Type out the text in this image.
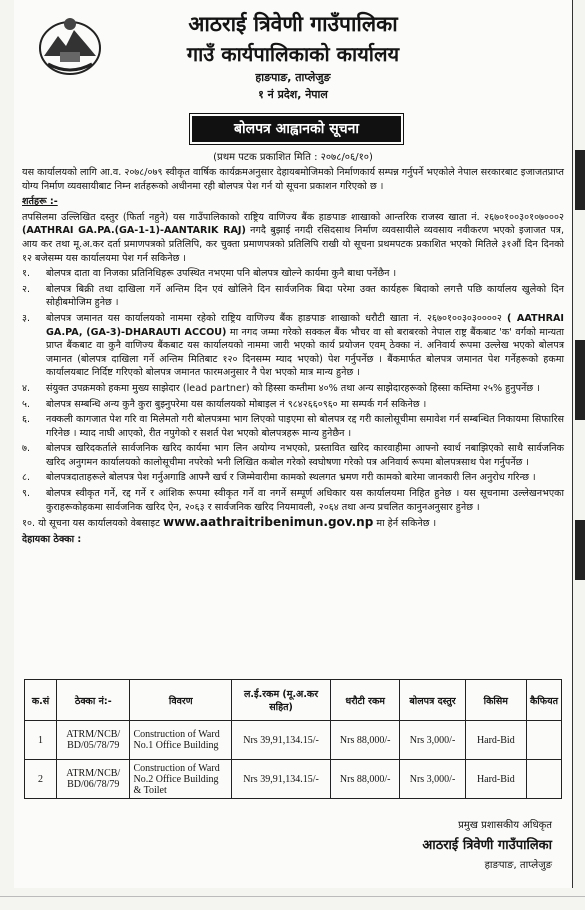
आठराई त्रिवेणी गाउँपालिका
गाउँ कार्यपालिकाको कार्यालय
हाङपाङ, ताप्लेजुङ
१ नं प्रदेश, नेपाल
बोलपत्र आह्वानको सूचना
(प्रथम पटक प्रकाशित मिति : २०७८/०६/१०)

यस कार्यालयको लागि आ.व. २०७८/०७९ स्वीकृत वार्षिक कार्यक्रमअनुसार देहायबमोजिमको निर्माणकार्य सम्पन्न गर्नुपर्ने भएकोले नेपाल सरकारबाट इजाजतप्राप्त योग्य निर्माण व्यवसायीबाट निम्न शर्तहरूको अधीनमा रही बोलपत्र पेश गर्न यो सूचना प्रकाशन गरिएको छ ।

शर्तहरू :-

तपसिलमा उल्लिखित दस्तुर (फिर्ता नहुने) यस गाउँपालिकाको राष्ट्रिय वाणिज्य बैंक हाङपाङ शाखाको आन्तरिक राजस्व खाता नं. २६७०१००३०१०७०००२ (AATHRAI GA.PA.(GA-1-1)-AANTARIK RAJ) नगदै बुझाई नगदी रसिदसाथ निर्माण व्यवसायीले व्यवसाय नवीकरण भएको इजाजत पत्र, आय कर तथा मू.अ.कर दर्ता प्रमाणपत्रको प्रतिलिपि, कर चुक्ता प्रमाणपत्रको प्रतिलिपि राखी यो सूचना प्रथमपटक प्रकाशित भएको मितिले ३१औं दिन दिनको १२ बजेसम्म यस कार्यालयमा पेश गर्न सकिनेछ ।

१.	बोलपत्र दाता वा निजका प्रतिनिधिहरू उपस्थित नभएमा पनि बोलपत्र खोल्ने कार्यमा कुनै बाधा पर्नेछैन ।
२.	बोलपत्र बिक्री तथा दाखिला गर्ने अन्तिम दिन एवं खोलिने दिन सार्वजनिक बिदा परेमा उक्त कार्यहरू बिदाको लगत्तै पछि कार्यालय खुलेको दिन सोहीबमोजिम हुनेछ ।
३.	बोलपत्र जमानत यस कार्यालयको नाममा रहेको राष्ट्रिय वाणिज्य बैंक हाङपाङ शाखाको धरौटी खाता नं. २६७०१००३०३००००२ ( AATHRAI GA.PA, (GA-3)-DHARAUTI ACCOU) मा नगद जम्मा गरेको सक्कल बैंक भौचर वा सो बराबरको नेपाल राष्ट्र बैंकबाट 'क' वर्गको मान्यता प्राप्त बैंकबाट वा कुनै वाणिज्य बैंकबाट यस कार्यालयको नाममा जारी भएको कार्य प्रयोजन एवम् ठेक्का नं. अनिवार्य रूपमा उल्लेख भएको बोलपत्र जमानत (बोलपत्र दाखिला गर्ने अन्तिम मितिबाट १२० दिनसम्म म्याद भएको) पेश गर्नुपर्नेछ । बैंकमार्फत बोलपत्र जमानत पेश गर्नेहरूको हकमा कार्यालयबाट निर्दिष्ट गरिएको बोलपत्र जमानत फारमअनुसार नै पेश भएको मात्र मान्य हुनेछ ।
४.	संयुक्त उपक्रमको हकमा मुख्य साझेदार (lead partner) को हिस्सा कम्तीमा ४०% तथा अन्य साझेदारहरूको हिस्सा कम्तिमा २५% हुनुपर्नेछ ।
५.	बोलपत्र सम्बन्धि अन्य कुनै कुरा बुझ्नुपरेमा यस कार्यालयको मोबाइल नं ९८४२६६०९६० मा सम्पर्क गर्न सकिनेछ ।
६.	नक्कली कागजात पेश गरि वा मिलेमतो गरी बोलपत्रमा भाग लिएको पाइएमा सो बोलपत्र रद्द गरी कालोसूचीमा समावेश गर्न सम्बन्धित निकायमा सिफारिस गरिनेछ । म्याद नाघी आएको, रीत नपुगेको र सशर्त पेश भएको बोलपत्रहरू मान्य हुनेछैन ।
७.	बोलपत्र खरिदकर्ताले सार्वजनिक खरिद कार्यमा भाग लिन अयोग्य नभएको, प्रस्तावित खरिद कारवाहीमा आफ्नो स्वार्थ नबाझिएको साथै सार्वजनिक खरिद अनुगमन कार्यालयको कालोसूचीमा नपरेको भनी लिखित कबोल गरेको स्वघोषणा गरेको पत्र अनिवार्य रूपमा बोलपत्रसाथ पेश गर्नुपर्नेछ ।
८.	बोलपत्रदाताहरूले बोलपत्र पेश गर्नुअगाडि आफ्नै खर्च र जिम्मेवारीमा कामको स्थलगत भ्रमण गरी कामको बारेमा जानकारी लिन अनुरोध गरिन्छ ।
९.	बोलपत्र स्वीकृत गर्ने, रद्द गर्ने र आंशिक रूपमा स्वीकृत गर्ने वा नगर्ने सम्पूर्ण अधिकार यस कार्यालयमा निहित हुनेछ । यस सूचनामा उल्लेखनभएका कुराहरूकोहकमा सार्वजनिक खरिद ऐन, २०६३ र सार्वजनिक खरिद नियमावली, २०६४ तथा अन्य प्रचलित कानुनअनुसार हुनेछ ।

१०. यो सूचना यस कार्यालयको वेबसाइट www.aathraitribenimun.gov.np मा हेर्न सकिनेछ ।

देहायका ठेक्का :
क.सं	ठेक्का नं:-	विवरण	ल.ई.रकम (मू.अ.कर सहित)	धरौटी रकम	बोलपत्र दस्तुर	किसिम	कैफियत
1	ATRM/NCB/ BD/05/78/79	Construction of Ward No.1 Office Building	Nrs 39,91,134.15/-	Nrs 88,000/-	Nrs 3,000/-	Hard-Bid	
2	ATRM/NCB/ BD/06/78/79	Construction of Ward No.2 Office Building & Toilet	Nrs 39,91,134.15/-	Nrs 88,000/-	Nrs 3,000/-	Hard-Bid	
प्रमुख प्रशासकीय अधिकृत
आठराई त्रिवेणी गाउँपालिका
हाङपाङ, ताप्लेजुङ
